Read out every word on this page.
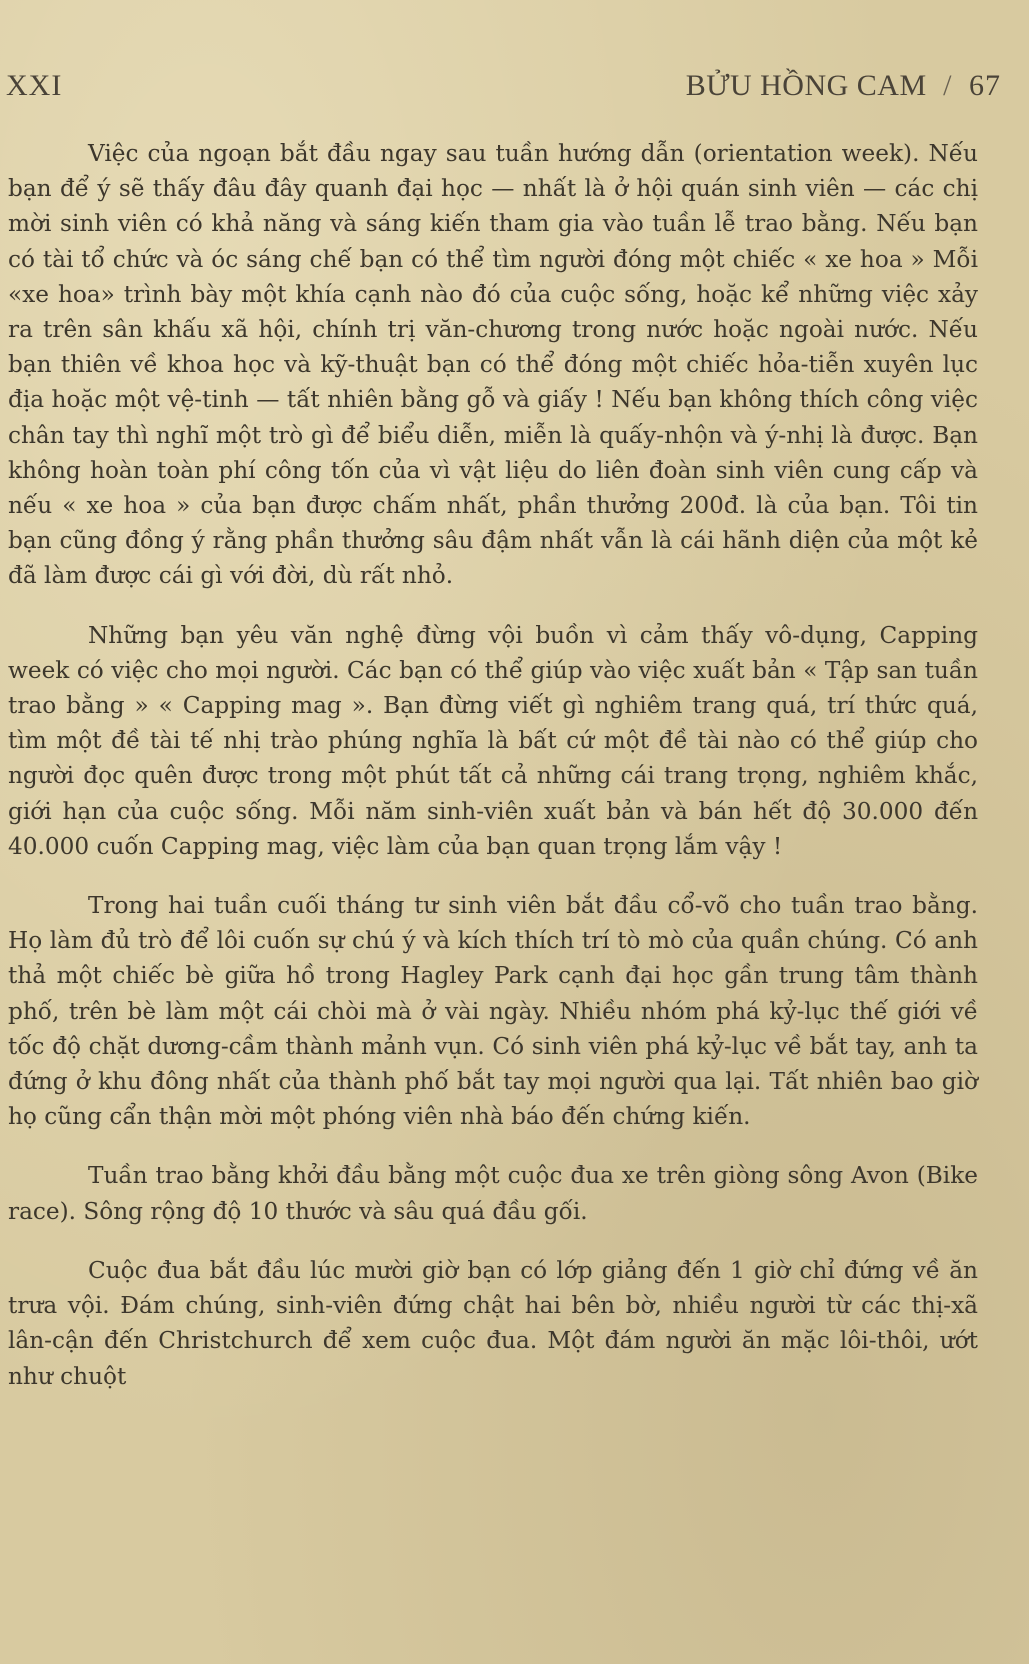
XXI	BỬU HỒNG CAM / 67

Việc của ngoạn bắt đầu ngay sau tuần hướng dẫn (orientation week). Nếu bạn để ý sẽ thấy đâu đây quanh đại học — nhất là ở hội quán sinh viên — các chị mời sinh viên có khả năng và sáng kiến tham gia vào tuần lễ trao bằng. Nếu bạn có tài tổ chức và óc sáng chế bạn có thể tìm người đóng một chiếc « xe hoa » Mỗi «xe hoa» trình bày một khía cạnh nào đó của cuộc sống, hoặc kể những việc xảy ra trên sân khấu xã hội, chính trị văn-chương trong nước hoặc ngoài nước. Nếu bạn thiên về khoa học và kỹ-thuật bạn có thể đóng một chiếc hỏa-tiễn xuyên lục địa hoặc một vệ-tinh — tất nhiên bằng gỗ và giấy ! Nếu bạn không thích công việc chân tay thì nghĩ một trò gì để biểu diễn, miễn là quấy-nhộn và ý-nhị là được. Bạn không hoàn toàn phí công tốn của vì vật liệu do liên đoàn sinh viên cung cấp và nếu « xe hoa » của bạn được chấm nhất, phần thưởng 200đ. là của bạn. Tôi tin bạn cũng đồng ý rằng phần thưởng sâu đậm nhất vẫn là cái hãnh diện của một kẻ đã làm được cái gì với đời, dù rất nhỏ.

Những bạn yêu văn nghệ đừng vội buồn vì cảm thấy vô-dụng, Capping week có việc cho mọi người. Các bạn có thể giúp vào việc xuất bản « Tập san tuần trao bằng » « Capping mag ». Bạn đừng viết gì nghiêm trang quá, trí thức quá, tìm một đề tài tế nhị trào phúng nghĩa là bất cứ một đề tài nào có thể giúp cho người đọc quên được trong một phút tất cả những cái trang trọng, nghiêm khắc, giới hạn của cuộc sống. Mỗi năm sinh-viên xuất bản và bán hết độ 30.000 đến 40.000 cuốn Capping mag, việc làm của bạn quan trọng lắm vậy !

Trong hai tuần cuối tháng tư sinh viên bắt đầu cổ-võ cho tuần trao bằng. Họ làm đủ trò để lôi cuốn sự chú ý và kích thích trí tò mò của quần chúng. Có anh thả một chiếc bè giữa hồ trong Hagley Park cạnh đại học gần trung tâm thành phố, trên bè làm một cái chòi mà ở vài ngày. Nhiều nhóm phá kỷ-lục thế giới về tốc độ chặt dương-cầm thành mảnh vụn. Có sinh viên phá kỷ-lục về bắt tay, anh ta đứng ở khu đông nhất của thành phố bắt tay mọi người qua lại. Tất nhiên bao giờ họ cũng cẩn thận mời một phóng viên nhà báo đến chứng kiến.

Tuần trao bằng khởi đầu bằng một cuộc đua xe trên giòng sông Avon (Bike race). Sông rộng độ 10 thước và sâu quá đầu gối.

Cuộc đua bắt đầu lúc mười giờ bạn có lớp giảng đến 1 giờ chỉ đứng về ăn trưa vội. Đám chúng, sinh-viên đứng chật hai bên bờ, nhiều người từ các thị-xã lân-cận đến Christchurch để xem cuộc đua. Một đám người ăn mặc lôi-thôi, ướt như chuột
